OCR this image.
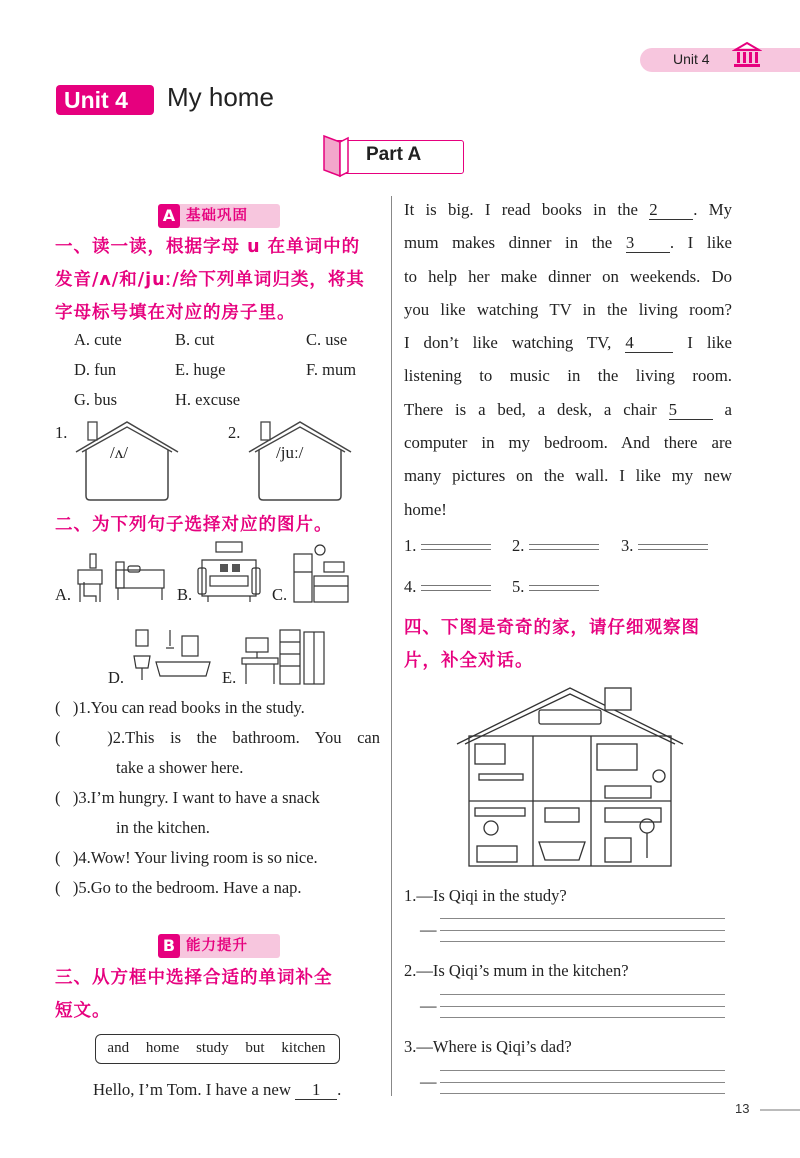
Unit 4
Unit 4 My home
Part A
A 基础巩固
一、读一读，根据字母 u 在单词中的
发音/ʌ/和/juː/给下列单词归类，将其
字母标号填在对应的房子里。
A. cute	B. cut	C. use
D. fun	E. huge	F. mum
G. bus	H. excuse
1.
/ʌ/
2.
/juː/
二、为下列句子选择对应的图片。
A.	B.	C.
D.	E.
(   )1.You can read books in the study.
(   )2.This is the bathroom. You can
take a shower here.
(   )3.I’m hungry. I want to have a snack
in the kitchen.
(   )4.Wow! Your living room is so nice.
(   )5.Go to the bedroom. Have a nap.
B 能力提升
三、从方框中选择合适的单词补全
短文。
and home study but kitchen
Hello, I’m Tom. I have a new 1 .
It is big. I read books in the 2 . My
mum makes dinner in the 3 . I like
to help her make dinner on weekends. Do
you like watching TV in the living room?
I don’t like watching TV, 4	I like
listening to music in the living room.
There is a bed, a desk, a chair 5	a
computer in my bedroom. And there are
many pictures on the wall. I like my new
home!
1.	2.	3.
4.	5.
四、下图是奇奇的家，请仔细观察图
片，补全对话。
1.—Is Qiqi in the study?
—
2.—Is Qiqi’s mum in the kitchen?
—
3.—Where is Qiqi’s dad?
—
13
